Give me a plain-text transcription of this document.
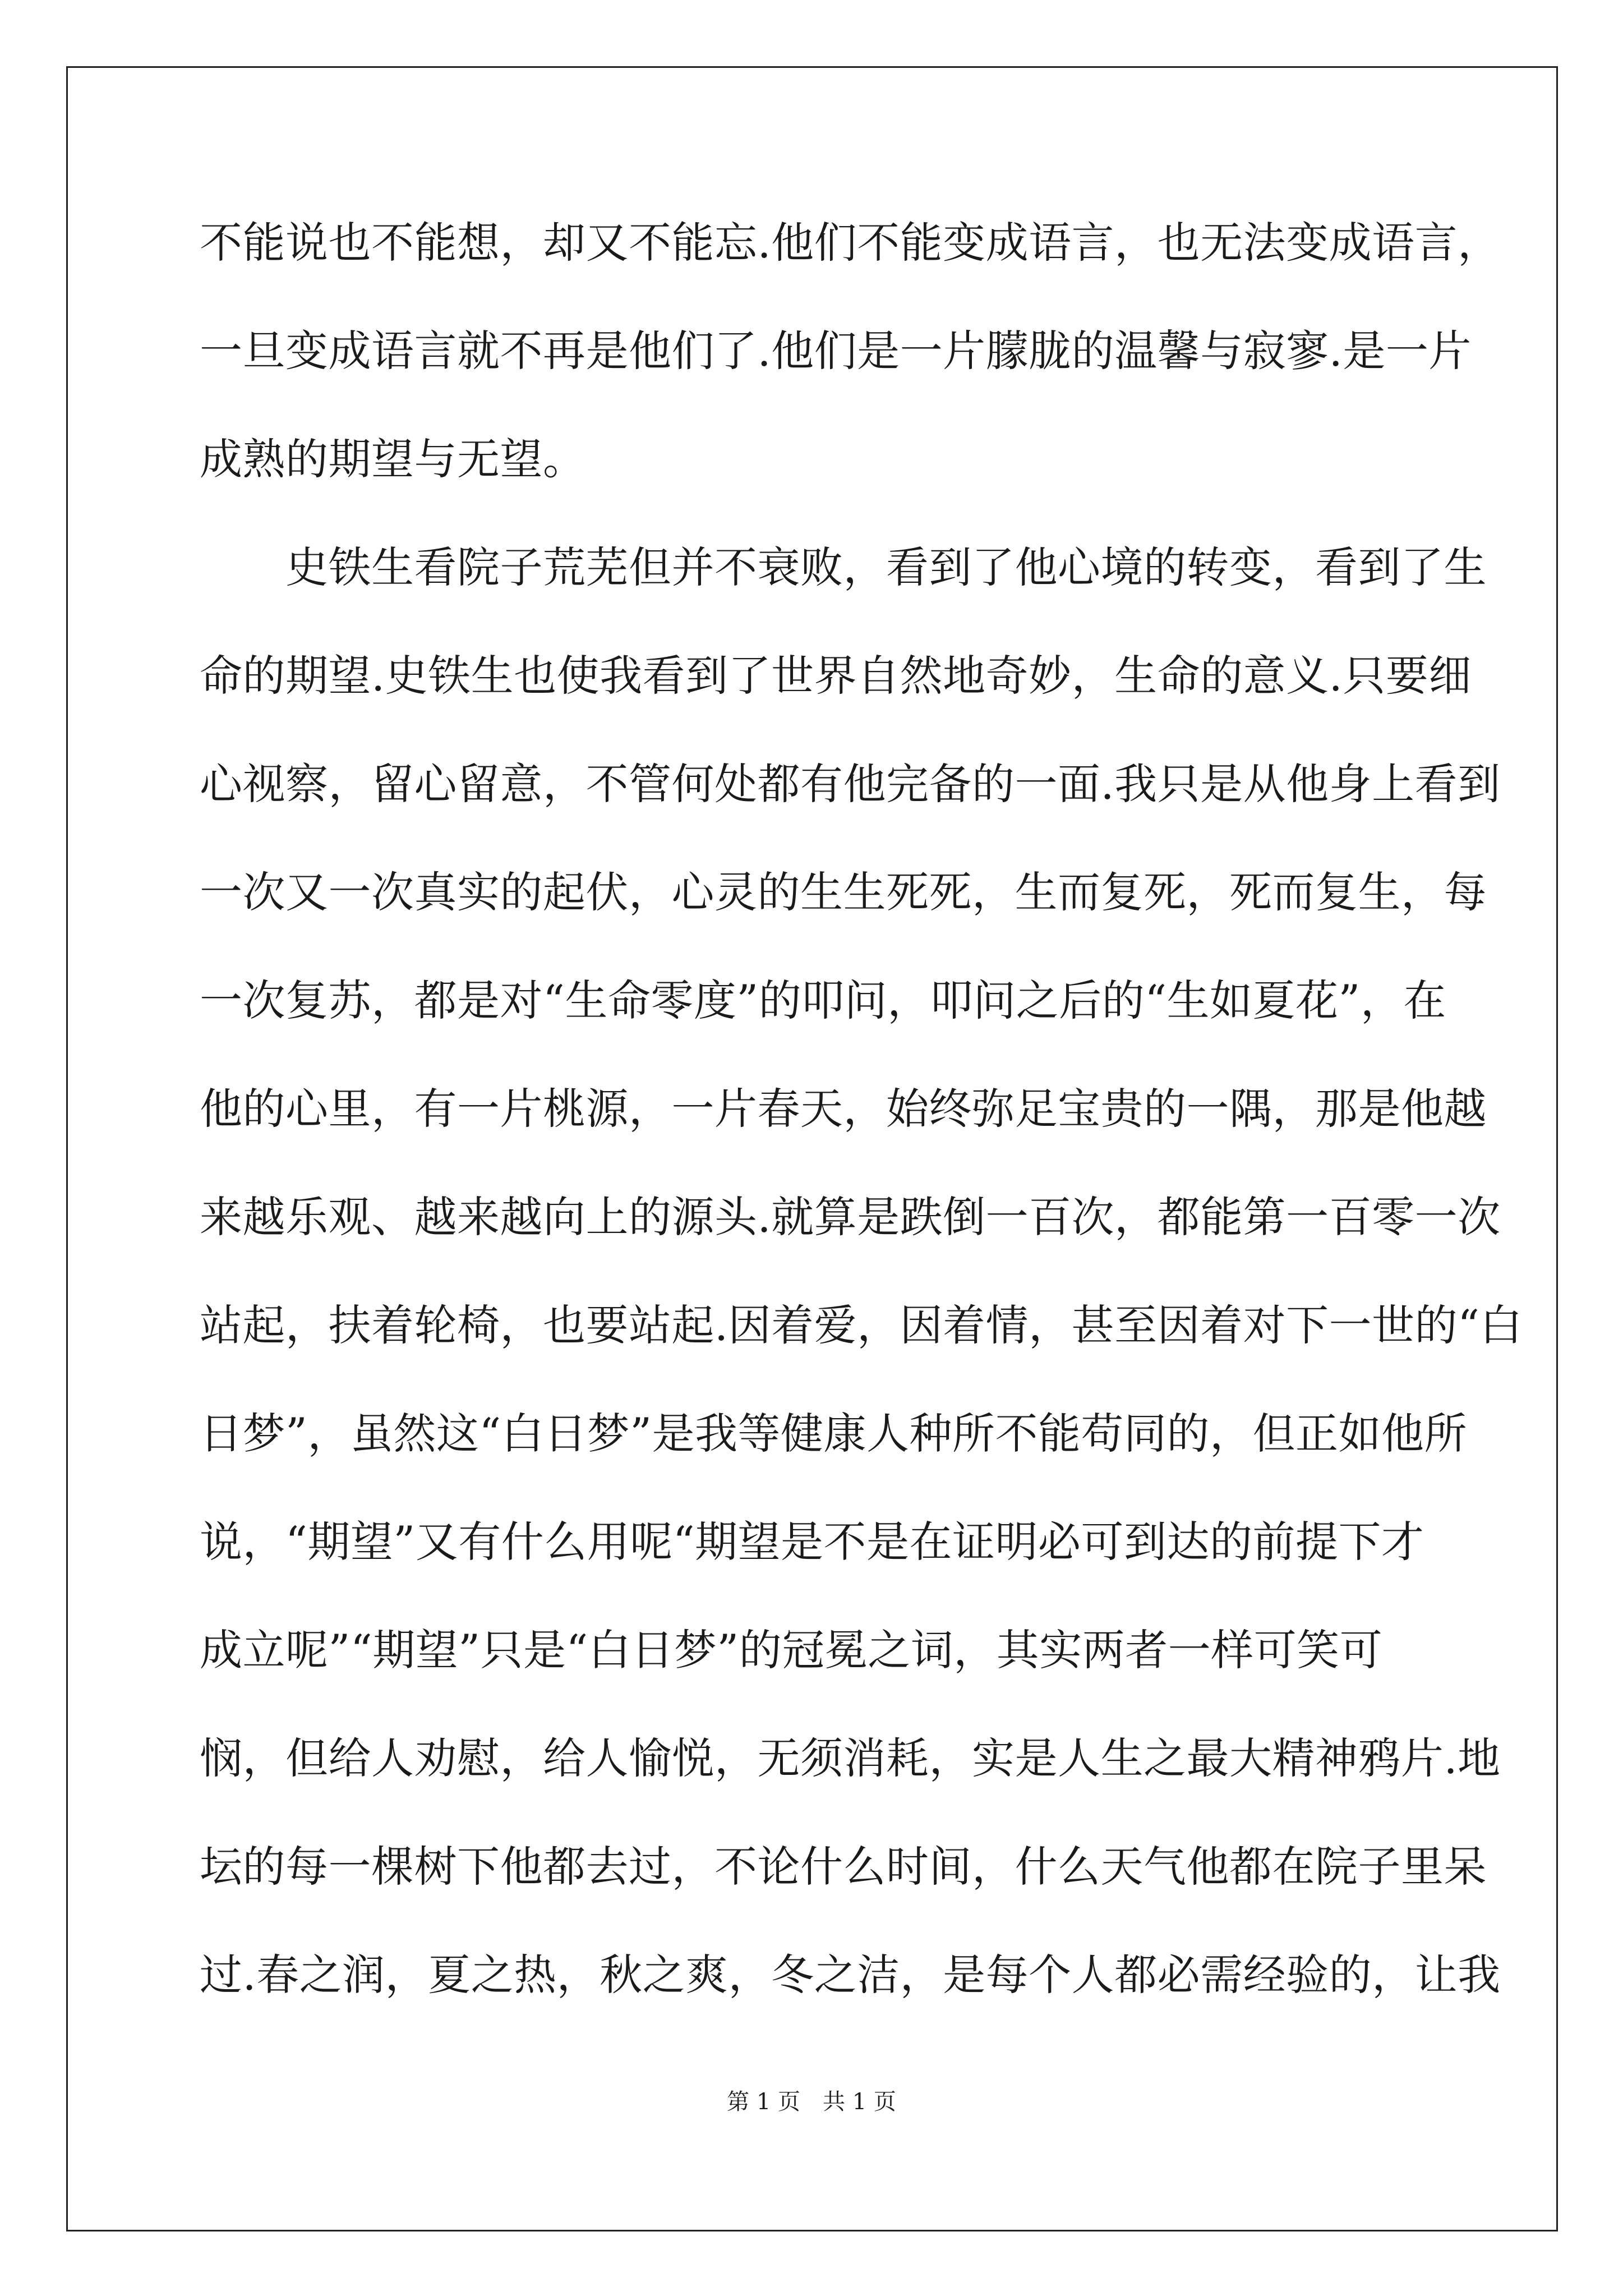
不能说也不能想，却又不能忘.他们不能变成语言，也无法变成语言，
一旦变成语言就不再是他们了.他们是一片朦胧的温馨与寂寥.是一片
成熟的期望与无望。
　　史铁生看院子荒芜但并不衰败，看到了他心境的转变，看到了生
命的期望.史铁生也使我看到了世界自然地奇妙，生命的意义.只要细
心视察，留心留意，不管何处都有他完备的一面.我只是从他身上看到
一次又一次真实的起伏，心灵的生生死死，生而复死，死而复生，每
一次复苏，都是对“生命零度”的叩问，叩问之后的“生如夏花”，在
他的心里，有一片桃源，一片春天，始终弥足宝贵的一隅，那是他越
来越乐观、越来越向上的源头.就算是跌倒一百次，都能第一百零一次
站起，扶着轮椅，也要站起.因着爱，因着情，甚至因着对下一世的“白
日梦”，虽然这“白日梦”是我等健康人种所不能苟同的，但正如他所
说，“期望”又有什么用呢“期望是不是在证明必可到达的前提下才
成立呢”“期望”只是“白日梦”的冠冕之词，其实两者一样可笑可
悯，但给人劝慰，给人愉悦，无须消耗，实是人生之最大精神鸦片.地
坛的每一棵树下他都去过，不论什么时间，什么天气他都在院子里呆
过.春之润，夏之热，秋之爽，冬之洁，是每个人都必需经验的，让我
第 1 页　共 1 页
